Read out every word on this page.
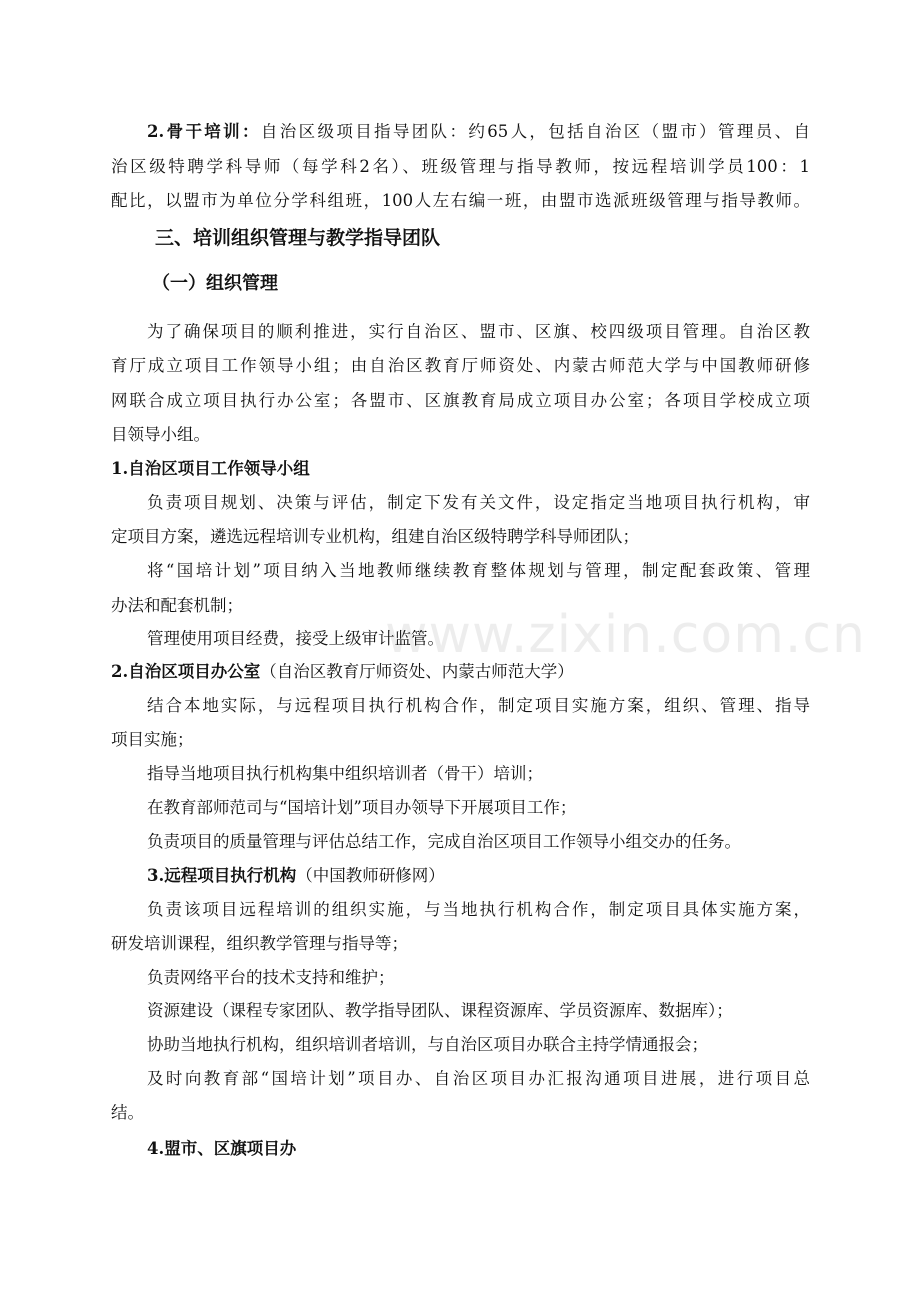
2.骨干培训：自治区级项目指导团队：约65人，包括自治区（盟市）管理员、自
治区级特聘学科导师（每学科2名）、班级管理与指导教师，按远程培训学员100：1
配比，以盟市为单位分学科组班，100人左右编一班，由盟市选派班级管理与指导教师。
三、培训组织管理与教学指导团队
（一）组织管理
为了确保项目的顺利推进，实行自治区、盟市、区旗、校四级项目管理。自治区教
育厅成立项目工作领导小组；由自治区教育厅师资处、内蒙古师范大学与中国教师研修
网联合成立项目执行办公室；各盟市、区旗教育局成立项目办公室；各项目学校成立项
目领导小组。
1.自治区项目工作领导小组
负责项目规划、决策与评估，制定下发有关文件，设定指定当地项目执行机构，审
定项目方案，遴选远程培训专业机构，组建自治区级特聘学科导师团队；
将“国培计划”项目纳入当地教师继续教育整体规划与管理，制定配套政策、管理
办法和配套机制；
管理使用项目经费，接受上级审计监管。
2.自治区项目办公室（自治区教育厅师资处、内蒙古师范大学）
结合本地实际，与远程项目执行机构合作，制定项目实施方案，组织、管理、指导
项目实施；
指导当地项目执行机构集中组织培训者（骨干）培训；
在教育部师范司与“国培计划”项目办领导下开展项目工作；
负责项目的质量管理与评估总结工作，完成自治区项目工作领导小组交办的任务。
3.远程项目执行机构（中国教师研修网）
负责该项目远程培训的组织实施，与当地执行机构合作，制定项目具体实施方案，
研发培训课程，组织教学管理与指导等；
负责网络平台的技术支持和维护；
资源建设（课程专家团队、教学指导团队、课程资源库、学员资源库、数据库）；
协助当地执行机构，组织培训者培训，与自治区项目办联合主持学情通报会；
及时向教育部“国培计划”项目办、自治区项目办汇报沟通项目进展，进行项目总
结。
4.盟市、区旗项目办
www.zixin.com.cn
